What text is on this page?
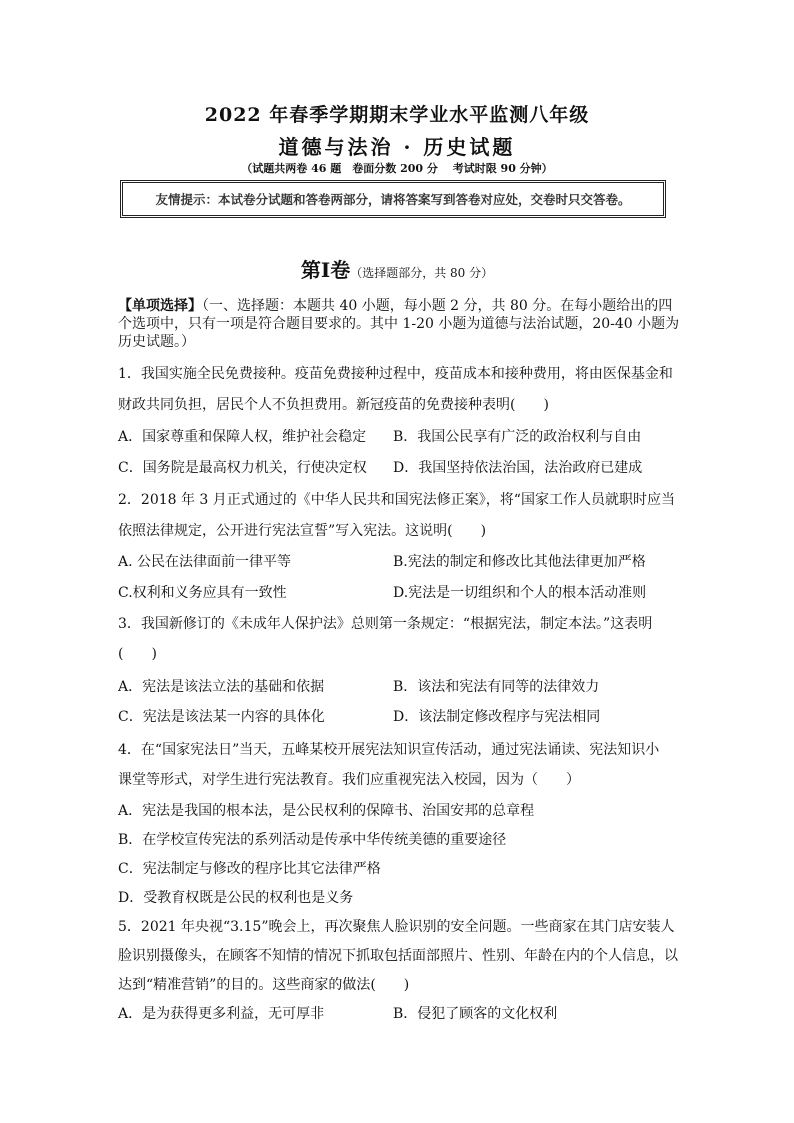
2022 年春季学期期末学业水平监测八年级
道德与法治 · 历史试题
（试题共两卷 46 题　卷面分数 200 分　 考试时限 90 分钟）
友情提示：本试卷分试题和答卷两部分，请将答案写到答卷对应处，交卷时只交答卷。
第Ⅰ卷（选择题部分，共 80 分）
【单项选择】（一、选择题：本题共 40 小题，每小题 2 分，共 80 分。在每小题给出的四个选项中，只有一项是符合题目要求的。其中 1-20 小题为道德与法治试题，20-40 小题为历史试题。）
1．我国实施全民免费接种。疫苗免费接种过程中，疫苗成本和接种费用，将由医保基金和
财政共同负担，居民个人不负担费用。新冠疫苗的免费接种表明(　　)
A．国家尊重和保障人权，维护社会稳定 B．我国公民享有广泛的政治权利与自由
C．国务院是最高权力机关，行使决定权 D．我国坚持依法治国，法治政府已建成
2．2018 年 3 月正式通过的《中华人民共和国宪法修正案》，将“国家工作人员就职时应当
依照法律规定，公开进行宪法宣誓”写入宪法。这说明(　　)
A. 公民在法律面前一律平等	B.宪法的制定和修改比其他法律更加严格
C.权利和义务应具有一致性	D.宪法是一切组织和个人的根本活动准则
3．我国新修订的《未成年人保护法》总则第一条规定：“根据宪法，制定本法。”这表明
(　　)
A．宪法是该法立法的基础和依据	B．该法和宪法有同等的法律效力
C．宪法是该法某一内容的具体化	D．该法制定修改程序与宪法相同
4．在“国家宪法日”当天，五峰某校开展宪法知识宣传活动，通过宪法诵读、宪法知识小
课堂等形式，对学生进行宪法教育。我们应重视宪法入校园，因为（　　）
A．宪法是我国的根本法，是公民权利的保障书、治国安邦的总章程
B．在学校宣传宪法的系列活动是传承中华传统美德的重要途径
C．宪法制定与修改的程序比其它法律严格
D．受教育权既是公民的权利也是义务
5．2021 年央视“3.15”晚会上，再次聚焦人脸识别的安全问题。一些商家在其门店安装人
脸识别摄像头，在顾客不知情的情况下抓取包括面部照片、性别、年龄在内的个人信息，以
达到“精准营销”的目的。这些商家的做法(　　)
A．是为获得更多利益，无可厚非	B．侵犯了顾客的文化权利
